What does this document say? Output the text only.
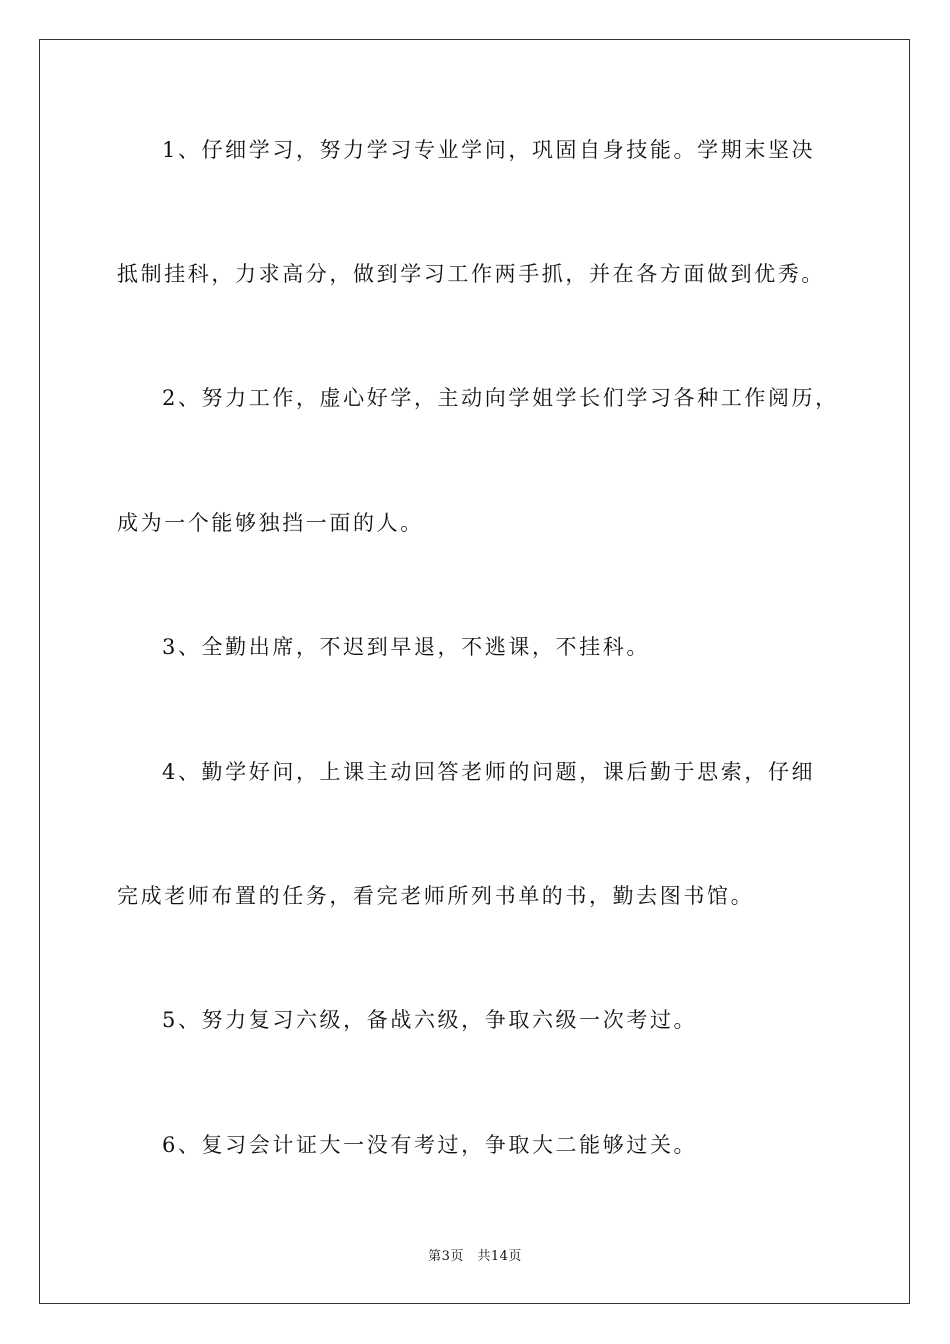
1、仔细学习，努力学习专业学问，巩固自身技能。学期末坚决
抵制挂科，力求高分，做到学习工作两手抓，并在各方面做到优秀。
2、努力工作，虚心好学，主动向学姐学长们学习各种工作阅历，
成为一个能够独挡一面的人。
3、全勤出席，不迟到早退，不逃课，不挂科。
4、勤学好问，上课主动回答老师的问题，课后勤于思索，仔细
完成老师布置的任务，看完老师所列书单的书，勤去图书馆。
5、努力复习六级，备战六级，争取六级一次考过。
6、复习会计证大一没有考过，争取大二能够过关。
第3页　共14页
